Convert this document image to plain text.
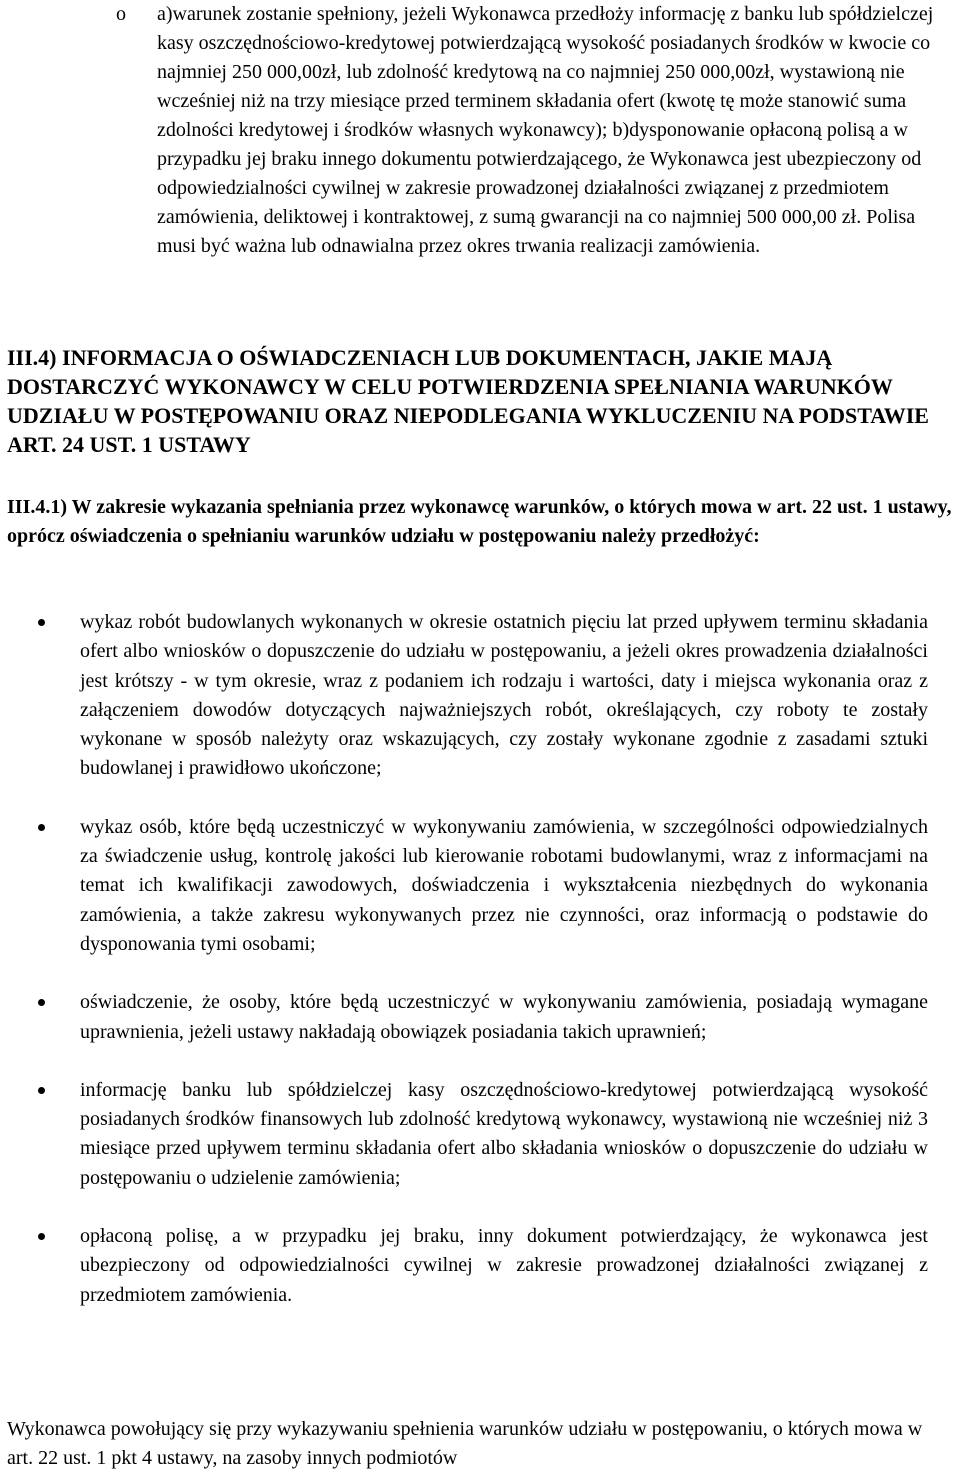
o	a)warunek zostanie spełniony, jeżeli Wykonawca przedłoży informację z banku lub spółdzielczej kasy oszczędnościowo-kredytowej potwierdzającą wysokość posiadanych środków w kwocie co najmniej 250 000,00zł, lub zdolność kredytową na co najmniej 250 000,00zł, wystawioną nie wcześniej niż na trzy miesiące przed terminem składania ofert (kwotę tę może stanowić suma zdolności kredytowej i środków własnych wykonawcy); b)dysponowanie opłaconą polisą a w przypadku jej braku innego dokumentu potwierdzającego, że Wykonawca jest ubezpieczony od odpowiedzialności cywilnej w zakresie prowadzonej działalności związanej z przedmiotem zamówienia, deliktowej i kontraktowej, z sumą gwarancji na co najmniej 500 000,00 zł. Polisa musi być ważna lub odnawialna przez okres trwania realizacji zamówienia.
III.4) INFORMACJA O OŚWIADCZENIACH LUB DOKUMENTACH, JAKIE MAJĄ DOSTARCZYĆ WYKONAWCY W CELU POTWIERDZENIA SPEŁNIANIA WARUNKÓW UDZIAŁU W POSTĘPOWANIU ORAZ NIEPODLEGANIA WYKLUCZENIU NA PODSTAWIE ART. 24 UST. 1 USTAWY
III.4.1) W zakresie wykazania spełniania przez wykonawcę warunków, o których mowa w art. 22 ust. 1 ustawy, oprócz oświadczenia o spełnianiu warunków udziału w postępowaniu należy przedłożyć:
wykaz robót budowlanych wykonanych w okresie ostatnich pięciu lat przed upływem terminu składania ofert albo wniosków o dopuszczenie do udziału w postępowaniu, a jeżeli okres prowadzenia działalności jest krótszy - w tym okresie, wraz z podaniem ich rodzaju i wartości, daty i miejsca wykonania oraz z załączeniem dowodów dotyczących najważniejszych robót, określających, czy roboty te zostały wykonane w sposób należyty oraz wskazujących, czy zostały wykonane zgodnie z zasadami sztuki budowlanej i prawidłowo ukończone;
wykaz osób, które będą uczestniczyć w wykonywaniu zamówienia, w szczególności odpowiedzialnych za świadczenie usług, kontrolę jakości lub kierowanie robotami budowlanymi, wraz z informacjami na temat ich kwalifikacji zawodowych, doświadczenia i wykształcenia niezbędnych do wykonania zamówienia, a także zakresu wykonywanych przez nie czynności, oraz informacją o podstawie do dysponowania tymi osobami;
oświadczenie, że osoby, które będą uczestniczyć w wykonywaniu zamówienia, posiadają wymagane uprawnienia, jeżeli ustawy nakładają obowiązek posiadania takich uprawnień;
informację banku lub spółdzielczej kasy oszczędnościowo-kredytowej potwierdzającą wysokość posiadanych środków finansowych lub zdolność kredytową wykonawcy, wystawioną nie wcześniej niż 3 miesiące przed upływem terminu składania ofert albo składania wniosków o dopuszczenie do udziału w postępowaniu o udzielenie zamówienia;
opłaconą polisę, a w przypadku jej braku, inny dokument potwierdzający, że wykonawca jest ubezpieczony od odpowiedzialności cywilnej w zakresie prowadzonej działalności związanej z przedmiotem zamówienia.

Wykonawca powołujący się przy wykazywaniu spełnienia warunków udziału w postępowaniu, o których mowa w art. 22 ust. 1 pkt 4 ustawy, na zasoby innych podmiotów
